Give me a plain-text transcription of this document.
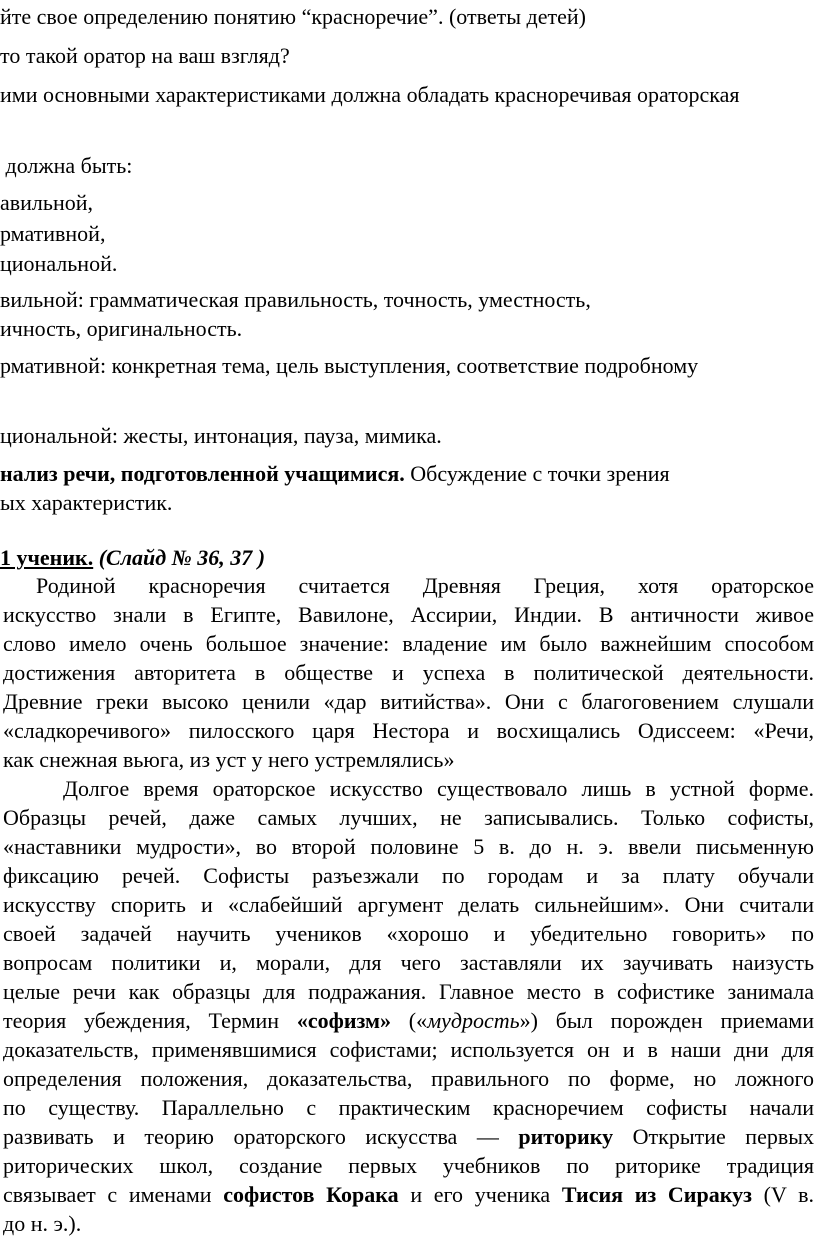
йте свое определению понятию “красноречие”. (ответы детей)
то такой оратор на ваш взгляд?
ими основными характеристиками должна обладать красноречивая ораторская
должна быть:
авильной,
рмативной,
циональной.
вильной: грамматическая правильность, точность, уместность,
ичность, оригинальность.
рмативной: конкретная тема, цель выступления, соответствие подробному
циональной: жесты, интонация, пауза, мимика.
нализ речи, подготовленной учащимися. Обсуждение с точки зрения
ых характеристик.
1 ученик. (Слайд № 36, 37 )
Родиной красноречия считается Древняя Греция, хотя ораторское
искусство знали в Египте, Вавилоне, Ассирии, Индии. В античности живое
слово имело очень большое значение: владение им было важнейшим способом
достижения авторитета в обществе и успеха в политической деятельности.
Древние греки высоко ценили «дар витийства». Они с благоговением слушали
«сладкоречивого» пилосского царя Нестора и восхищались Одиссеем: «Речи,
как снежная вьюга, из уст у него устремлялись»
Долгое время ораторское искусство существовало лишь в устной форме.
Образцы речей, даже самых лучших, не записывались. Только софисты,
«наставники мудрости», во второй половине 5 в. до н. э. ввели письменную
фиксацию речей. Софисты разъезжали по городам и за плату обучали
искусству спорить и «слабейший аргумент делать сильнейшим». Они считали
своей задачей научить учеников «хорошо и убедительно говорить» по
вопросам политики и, морали, для чего заставляли их заучивать наизусть
целые речи как образцы для подражания. Главное место в софистике занимала
теория убеждения, Термин «софизм» («мудрость») был порожден приемами
доказательств, применявшимися софистами; используется он и в наши дни для
определения положения, доказательства, правильного по форме, но ложного
по существу. Параллельно с практическим красноречием софисты начали
развивать и теорию ораторского искусства — риторику Открытие первых
риторических школ, создание первых учебников по риторике традиция
связывает с именами софистов Корака и его ученика Тисия из Сиракуз (V в.
до н. э.).
